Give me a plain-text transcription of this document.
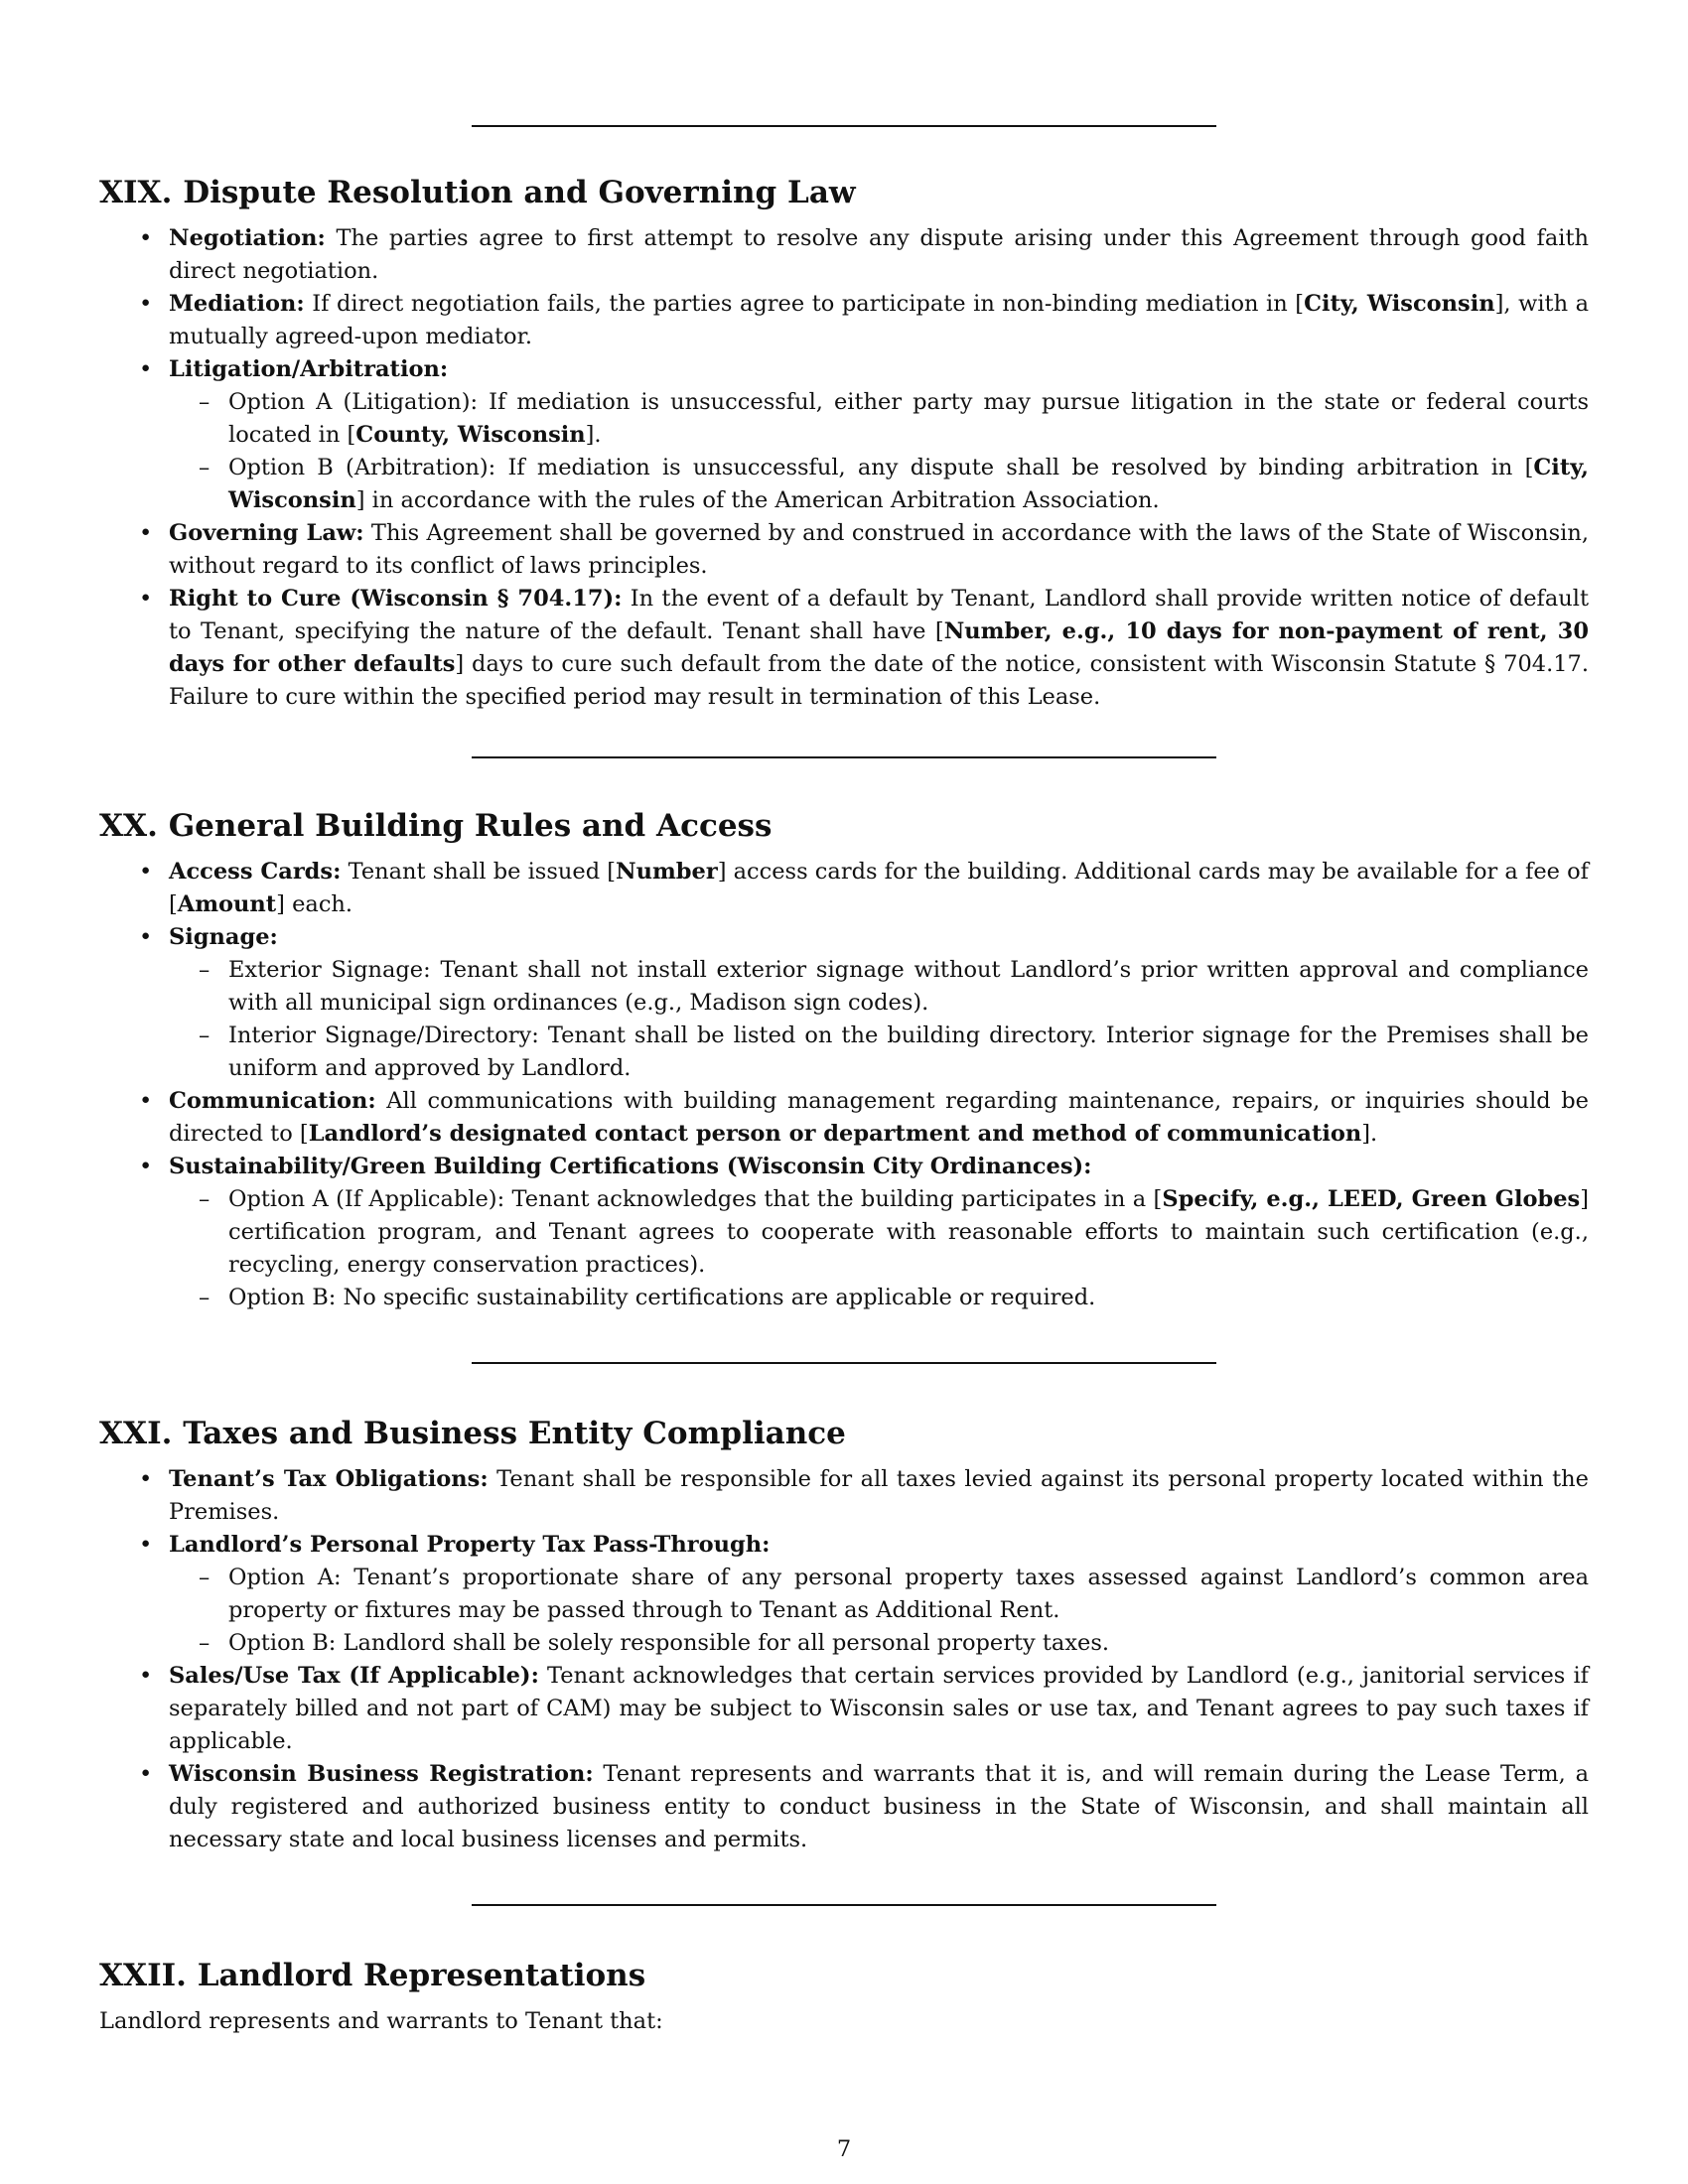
XIX. Dispute Resolution and Governing Law
• Negotiation: The parties agree to first attempt to resolve any dispute arising under this Agreement through good faith direct negotiation.
• Mediation: If direct negotiation fails, the parties agree to participate in non-binding mediation in [City, Wisconsin], with a mutually agreed-upon mediator.
• Litigation/Arbitration:
– Option A (Litigation): If mediation is unsuccessful, either party may pursue litigation in the state or federal courts located in [County, Wisconsin].
– Option B (Arbitration): If mediation is unsuccessful, any dispute shall be resolved by binding arbitration in [City, Wisconsin] in accordance with the rules of the American Arbitration Association.
• Governing Law: This Agreement shall be governed by and construed in accordance with the laws of the State of Wisconsin, without regard to its conflict of laws principles.
• Right to Cure (Wisconsin § 704.17): In the event of a default by Tenant, Landlord shall provide written notice of default to Tenant, specifying the nature of the default. Tenant shall have [Number, e.g., 10 days for non-payment of rent, 30 days for other defaults] days to cure such default from the date of the notice, consistent with Wisconsin Statute § 704.17. Failure to cure within the specified period may result in termination of this Lease.
XX. General Building Rules and Access
• Access Cards: Tenant shall be issued [Number] access cards for the building. Additional cards may be available for a fee of [Amount] each.
• Signage:
– Exterior Signage: Tenant shall not install exterior signage without Landlord’s prior written approval and compliance with all municipal sign ordinances (e.g., Madison sign codes).
– Interior Signage/Directory: Tenant shall be listed on the building directory. Interior signage for the Premises shall be uniform and approved by Landlord.
• Communication: All communications with building management regarding maintenance, repairs, or inquiries should be directed to [Landlord’s designated contact person or department and method of communication].
• Sustainability/Green Building Certifications (Wisconsin City Ordinances):
– Option A (If Applicable): Tenant acknowledges that the building participates in a [Specify, e.g., LEED, Green Globes] certification program, and Tenant agrees to cooperate with reasonable efforts to maintain such certification (e.g., recycling, energy conservation practices).
– Option B: No specific sustainability certifications are applicable or required.
XXI. Taxes and Business Entity Compliance
• Tenant’s Tax Obligations: Tenant shall be responsible for all taxes levied against its personal property located within the Premises.
• Landlord’s Personal Property Tax Pass-Through:
– Option A: Tenant’s proportionate share of any personal property taxes assessed against Landlord’s common area property or fixtures may be passed through to Tenant as Additional Rent.
– Option B: Landlord shall be solely responsible for all personal property taxes.
• Sales/Use Tax (If Applicable): Tenant acknowledges that certain services provided by Landlord (e.g., janitorial services if separately billed and not part of CAM) may be subject to Wisconsin sales or use tax, and Tenant agrees to pay such taxes if applicable.
• Wisconsin Business Registration: Tenant represents and warrants that it is, and will remain during the Lease Term, a duly registered and authorized business entity to conduct business in the State of Wisconsin, and shall maintain all necessary state and local business licenses and permits.
XXII. Landlord Representations

Landlord represents and warrants to Tenant that:

7
